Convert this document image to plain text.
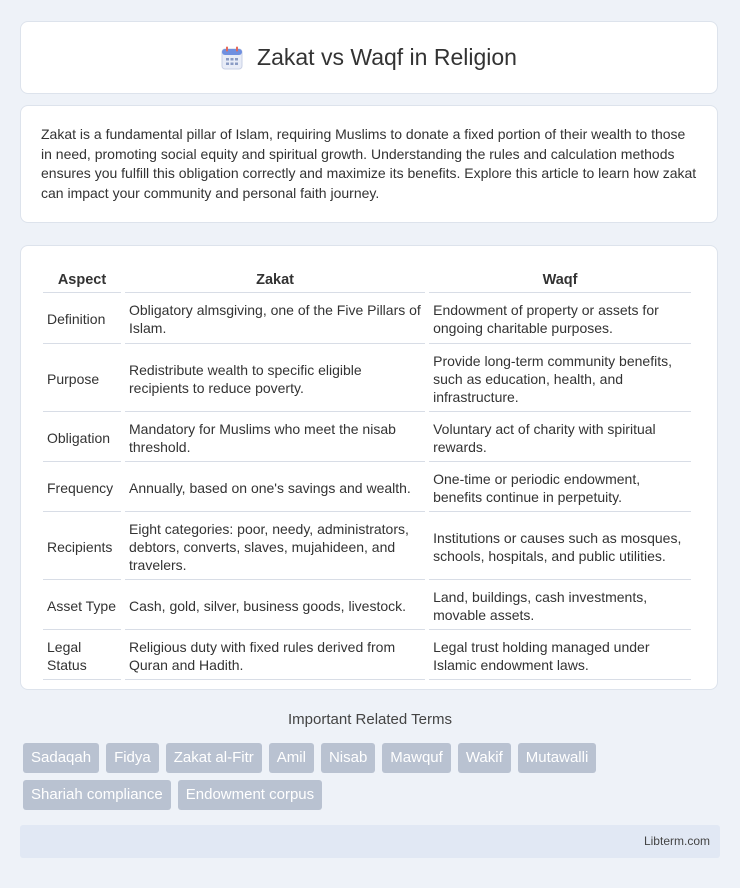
Zakat vs Waqf in Religion

Zakat is a fundamental pillar of Islam, requiring Muslims to donate a fixed portion of their wealth to those in need, promoting social equity and spiritual growth. Understanding the rules and calculation methods ensures you fulfill this obligation correctly and maximize its benefits. Explore this article to learn how zakat can impact your community and personal faith journey.

Aspect	Zakat	Waqf
Definition	Obligatory almsgiving, one of the Five Pillars of Islam.	Endowment of property or assets for ongoing charitable purposes.
Purpose	Redistribute wealth to specific eligible recipients to reduce poverty.	Provide long-term community benefits, such as education, health, and infrastructure.
Obligation	Mandatory for Muslims who meet the nisab threshold.	Voluntary act of charity with spiritual rewards.
Frequency	Annually, based on one's savings and wealth.	One-time or periodic endowment, benefits continue in perpetuity.
Recipients	Eight categories: poor, needy, administrators, debtors, converts, slaves, mujahideen, and travelers.	Institutions or causes such as mosques, schools, hospitals, and public utilities.
Asset Type	Cash, gold, silver, business goods, livestock.	Land, buildings, cash investments, movable assets.
Legal Status	Religious duty with fixed rules derived from Quran and Hadith.	Legal trust holding managed under Islamic endowment laws.
Important Related Terms
Sadaqah	Fidya	Zakat al-Fitr	Amil	Nisab	Mawquf	Wakif	Mutawalli
Shariah compliance	Endowment corpus
Libterm.com
